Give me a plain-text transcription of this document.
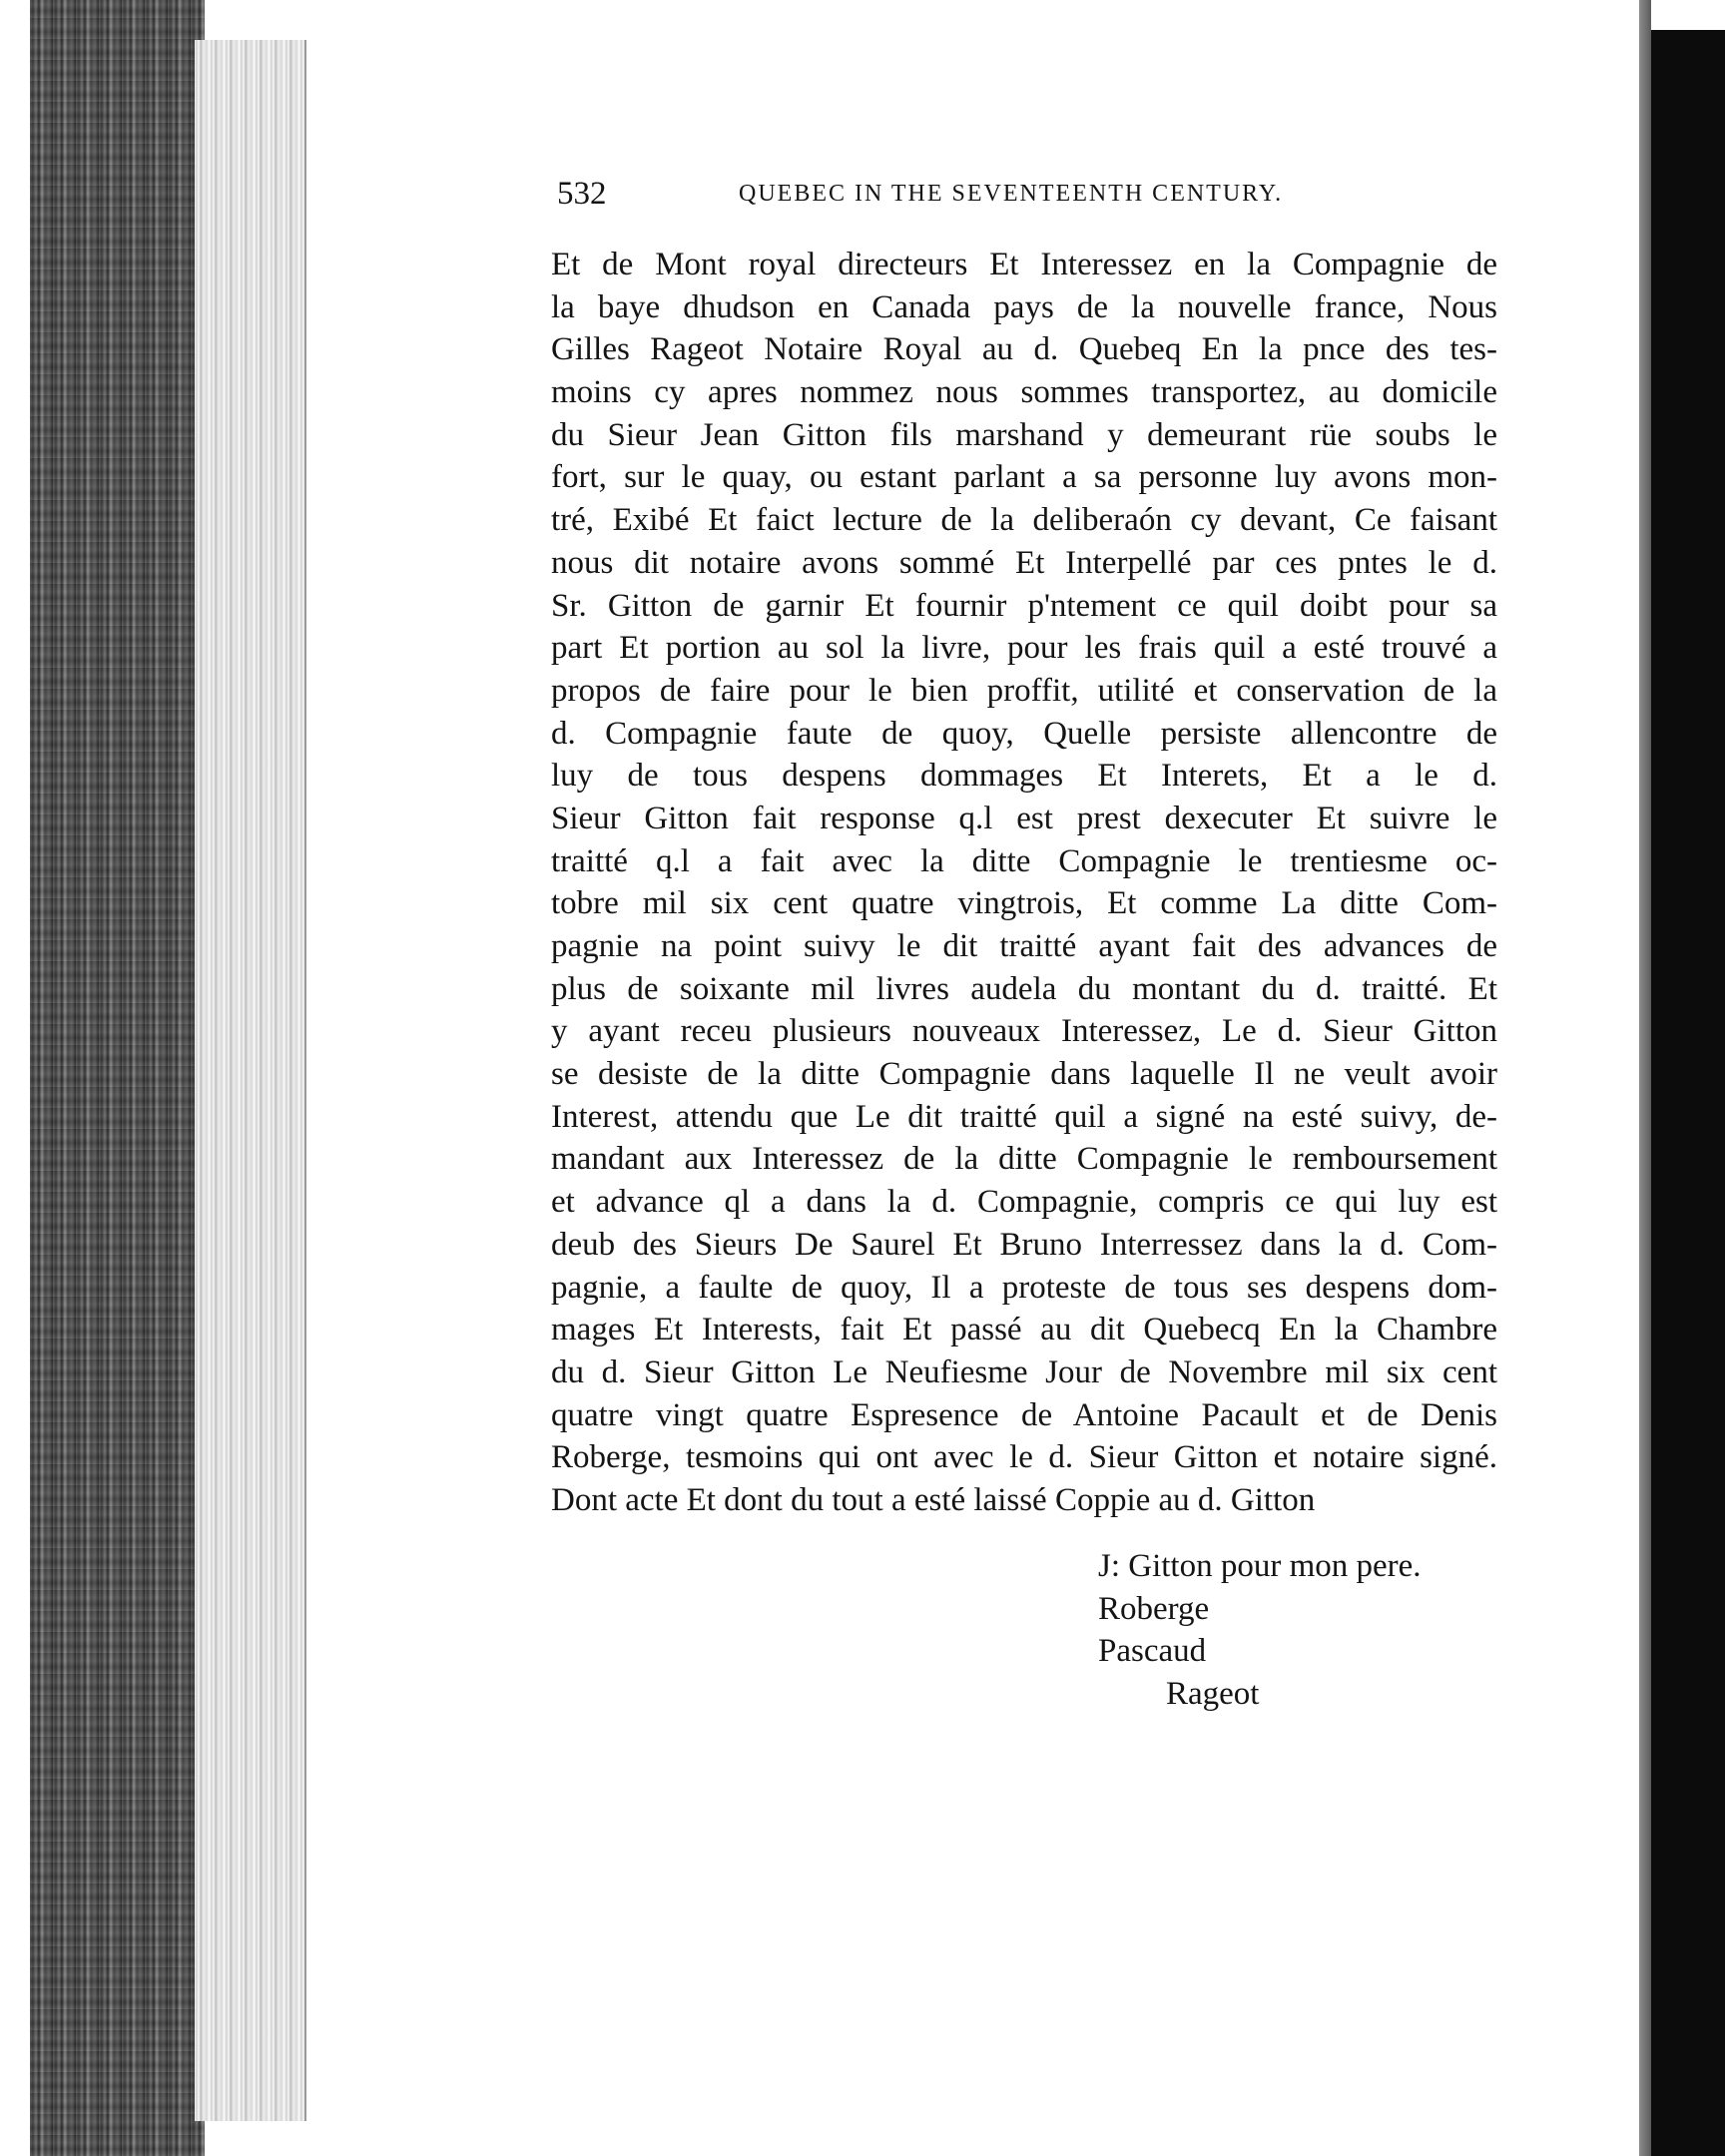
532	QUEBEC IN THE SEVENTEENTH CENTURY.
Et de Mont royal directeurs Et Interessez en la Compagnie de
la baye dhudson en Canada pays de la nouvelle france, Nous
Gilles Rageot Notaire Royal au d. Quebeq En la pnce des tes-
moins cy apres nommez nous sommes transportez, au domicile
du Sieur Jean Gitton fils marshand y demeurant rüe soubs le
fort, sur le quay, ou estant parlant a sa personne luy avons mon-
tré, Exibé Et faict lecture de la deliberaón cy devant, Ce faisant
nous dit notaire avons sommé Et Interpellé par ces pntes le d.
Sr. Gitton de garnir Et fournir p'ntement ce quil doibt pour sa
part Et portion au sol la livre, pour les frais quil a esté trouvé a
propos de faire pour le bien proffit, utilité et conservation de la
d. Compagnie faute de quoy, Quelle persiste allencontre de
luy de tous despens dommages Et Interets, Et a le d.
Sieur Gitton fait response q.l est prest dexecuter Et suivre le
traitté q.l a fait avec la ditte Compagnie le trentiesme oc-
tobre mil six cent quatre vingtrois, Et comme La ditte Com-
pagnie na point suivy le dit traitté ayant fait des advances de
plus de soixante mil livres audela du montant du d. traitté. Et
y ayant receu plusieurs nouveaux Interessez, Le d. Sieur Gitton
se desiste de la ditte Compagnie dans laquelle Il ne veult avoir
Interest, attendu que Le dit traitté quil a signé na esté suivy, de-
mandant aux Interessez de la ditte Compagnie le remboursement
et advance ql a dans la d. Compagnie, compris ce qui luy est
deub des Sieurs De Saurel Et Bruno Interressez dans la d. Com-
pagnie, a faulte de quoy, Il a proteste de tous ses despens dom-
mages Et Interests, fait Et passé au dit Quebecq En la Chambre
du d. Sieur Gitton Le Neufiesme Jour de Novembre mil six cent
quatre vingt quatre Espresence de Antoine Pacault et de Denis
Roberge, tesmoins qui ont avec le d. Sieur Gitton et notaire signé.
Dont acte Et dont du tout a esté laissé Coppie au d. Gitton
J: Gitton pour mon pere.
Roberge
Pascaud
Rageot
